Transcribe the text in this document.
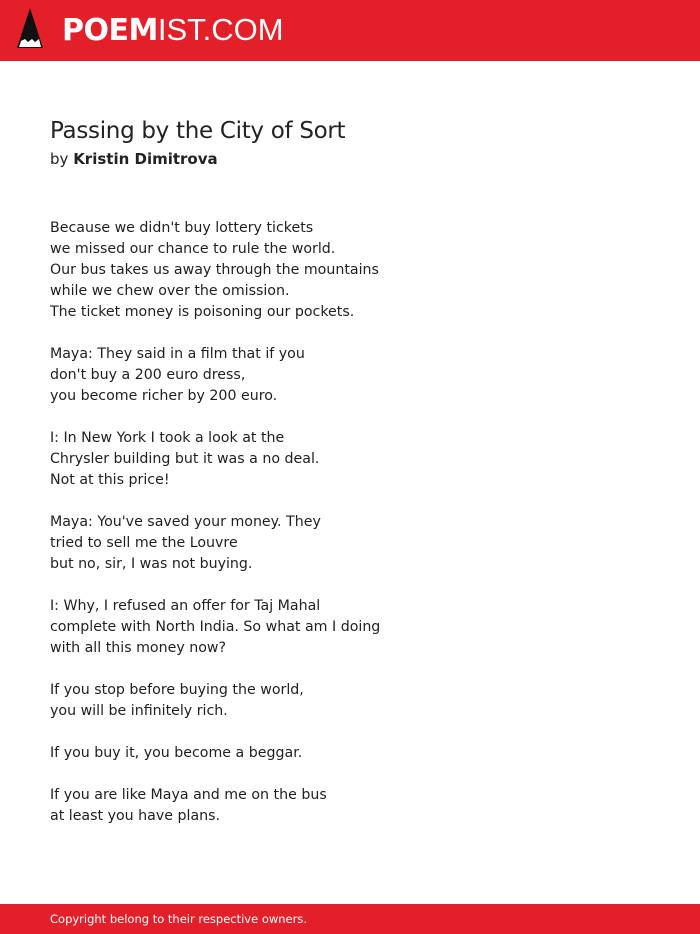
POEMIST.COM
Passing by the City of Sort
by Kristin Dimitrova
Because we didn't buy lottery tickets
we missed our chance to rule the world.
Our bus takes us away through the mountains
while we chew over the omission.
The ticket money is poisoning our pockets.
Maya: They said in a film that if you
don't buy a 200 euro dress,
you become richer by 200 euro.
I: In New York I took a look at the
Chrysler building but it was a no deal.
Not at this price!
Maya: You've saved your money. They
tried to sell me the Louvre
but no, sir, I was not buying.
I: Why, I refused an offer for Taj Mahal
complete with North India. So what am I doing
with all this money now?
If you stop before buying the world,
you will be infinitely rich.
If you buy it, you become a beggar.
If you are like Maya and me on the bus
at least you have plans.
Copyright belong to their respective owners.
